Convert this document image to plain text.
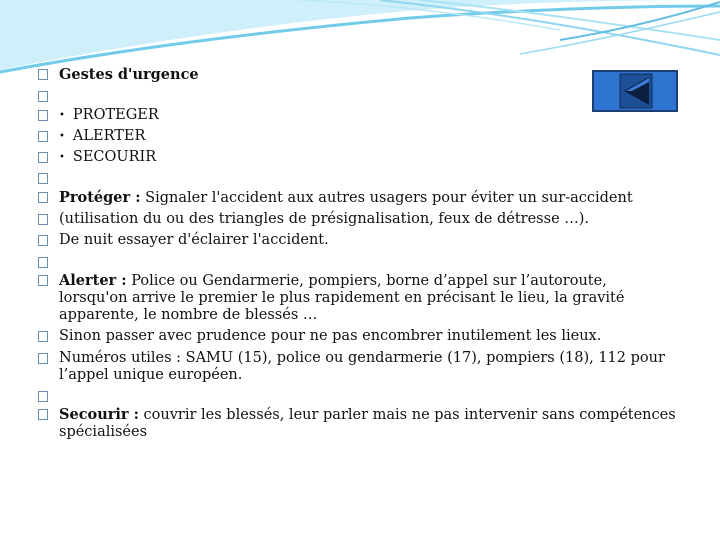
Gestes d'urgence
• PROTEGER
• ALERTER
• SECOURIR
Protéger : Signaler l'accident aux autres usagers pour éviter un sur-accident
(utilisation du ou des triangles de présignalisation, feux de détresse …).
De nuit essayer d'éclairer l'accident.
Alerter : Police ou Gendarmerie, pompiers, borne d’appel sur l’autoroute, lorsqu'on arrive le premier le plus rapidement en précisant le lieu, la gravité apparente, le nombre de blessés …
Sinon passer avec prudence pour ne pas encombrer inutilement les lieux.
Numéros utiles : SAMU (15), police ou gendarmerie (17), pompiers (18), 112 pour l’appel unique européen.
Secourir : couvrir les blessés, leur parler mais ne pas intervenir sans compétences spécialisées
